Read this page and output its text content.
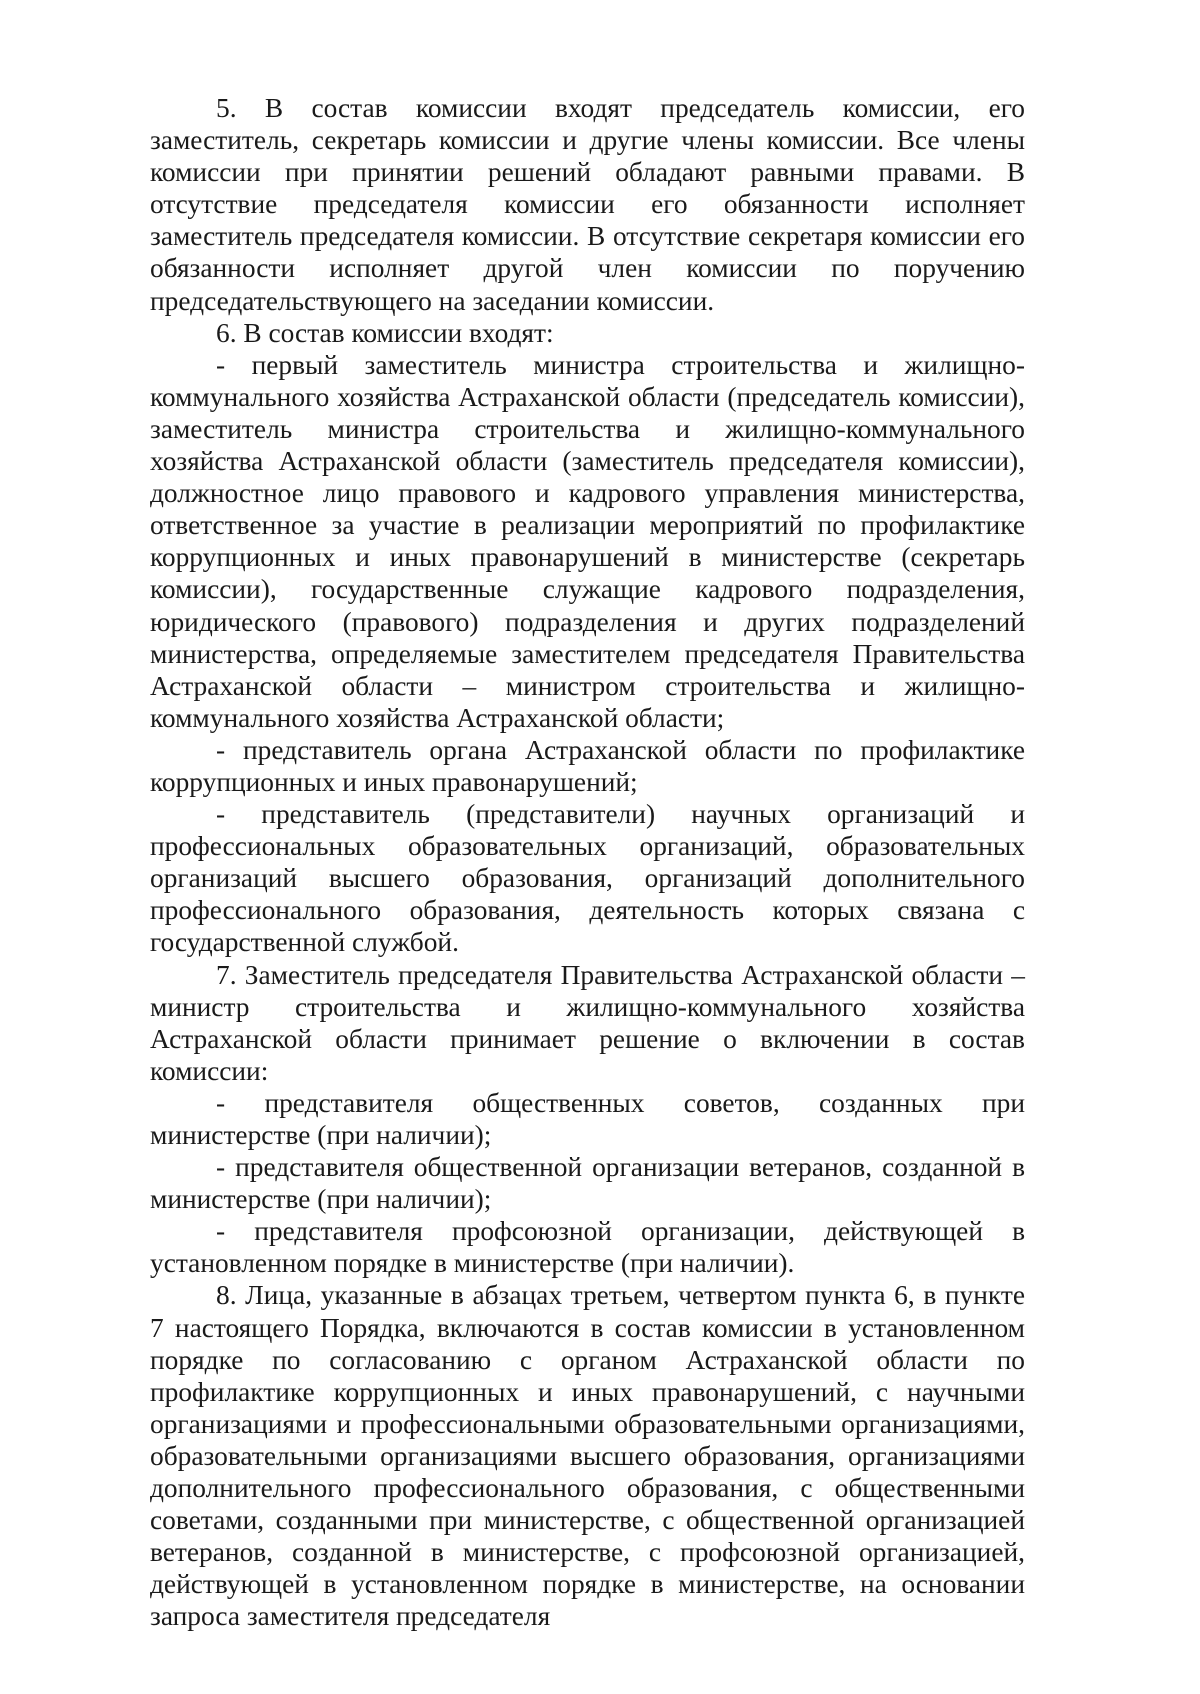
5. В состав комиссии входят председатель комиссии, его заместитель, секретарь комиссии и другие члены комиссии. Все члены комиссии при принятии решений обладают равными правами. В отсутствие председателя комиссии его обязанности исполняет заместитель председателя комиссии. В отсутствие секретаря комиссии его обязанности исполняет другой член комиссии по поручению председательствующего на заседании комиссии.

6. В состав комиссии входят:

- первый заместитель министра строительства и жилищно-коммунального хозяйства Астраханской области (председатель комиссии), заместитель министра строительства и жилищно-коммунального хозяйства Астраханской области (заместитель председателя комиссии), должностное лицо правового и кадрового управления министерства, ответственное за участие в реализации мероприятий по профилактике коррупционных и иных правонарушений в министерстве (секретарь комиссии), государственные служащие кадрового подразделения, юридического (правового) подразделения и других подразделений министерства, определяемые заместителем председателя Правительства Астраханской области – министром строительства и жилищно-коммунального хозяйства Астраханской области;

- представитель органа Астраханской области по профилактике коррупционных и иных правонарушений;

- представитель (представители) научных организаций и профессиональных образовательных организаций, образовательных организаций высшего образования, организаций дополнительного профессионального образования, деятельность которых связана с государственной службой.

7. Заместитель председателя Правительства Астраханской области – министр строительства и жилищно-коммунального хозяйства Астраханской области принимает решение о включении в состав комиссии:

- представителя общественных советов, созданных при министерстве (при наличии);

- представителя общественной организации ветеранов, созданной в министерстве (при наличии);

- представителя профсоюзной организации, действующей в установленном порядке в министерстве (при наличии).

8. Лица, указанные в абзацах третьем, четвертом пункта 6, в пункте 7 настоящего Порядка, включаются в состав комиссии в установленном порядке по согласованию с органом Астраханской области по профилактике коррупционных и иных правонарушений, с научными организациями и профессиональными образовательными организациями, образовательными организациями высшего образования, организациями дополнительного профессионального образования, с общественными советами, созданными при министерстве, с общественной организацией ветеранов, созданной в министерстве, с профсоюзной организацией, действующей в установленном порядке в министерстве, на основании запроса заместителя председателя
